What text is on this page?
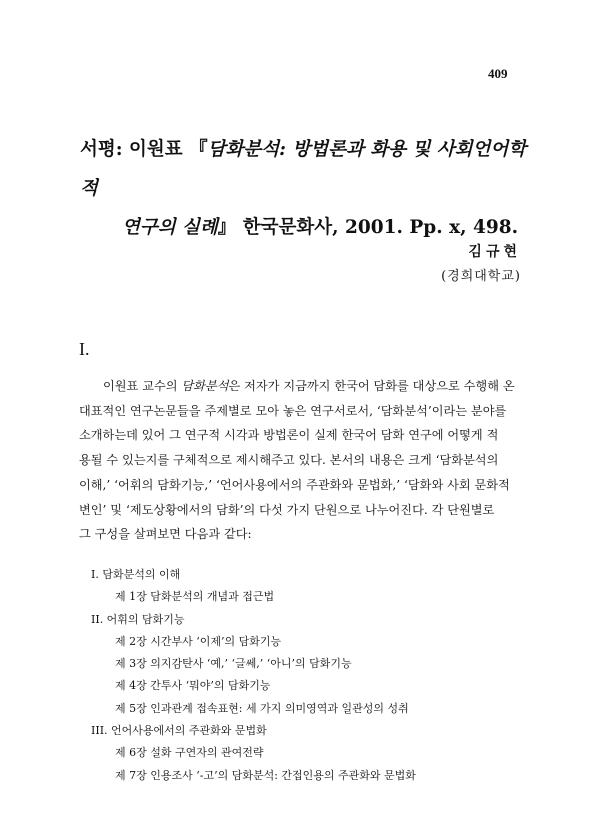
409
서평: 이원표 『담화분석: 방법론과 화용 및 사회언어학적
연구의 실례』 한국문화사, 2001. Pp. x, 498.
김규현
(경희대학교)
I.
이원표 교수의 담화분석은 저자가 지금까지 한국어 담화를 대상으로 수행해 온
대표적인 연구논문들을 주제별로 모아 놓은 연구서로서, ‘담화분석’이라는 분야를
소개하는데 있어 그 연구적 시각과 방법론이 실제 한국어 담화 연구에 어떻게 적
용될 수 있는지를 구체적으로 제시해주고 있다. 본서의 내용은 크게 ‘담화분석의
이해,’ ‘어휘의 담화기능,’ ‘언어사용에서의 주관화와 문법화,’ ‘담화와 사회 문화적
변인’ 및 ‘제도상황에서의 담화’의 다섯 가지 단원으로 나누어진다. 각 단원별로
그 구성을 살펴보면 다음과 같다:
I. 담화분석의 이해
제 1장 담화분석의 개념과 접근법
II. 어휘의 담화기능
제 2장 시간부사 ‘이제’의 담화기능
제 3장 의지감탄사 ‘예,’ ‘글쎄,’ ‘아니’의 담화기능
제 4장 간투사 ‘뭐야’의 담화기능
제 5장 인과관계 접속표현: 세 가지 의미영역과 일관성의 성취
III. 언어사용에서의 주관화와 문법화
제 6장 설화 구연자의 관여전략
제 7장 인용조사 ‘-고’의 담화분석: 간접인용의 주관화와 문법화
